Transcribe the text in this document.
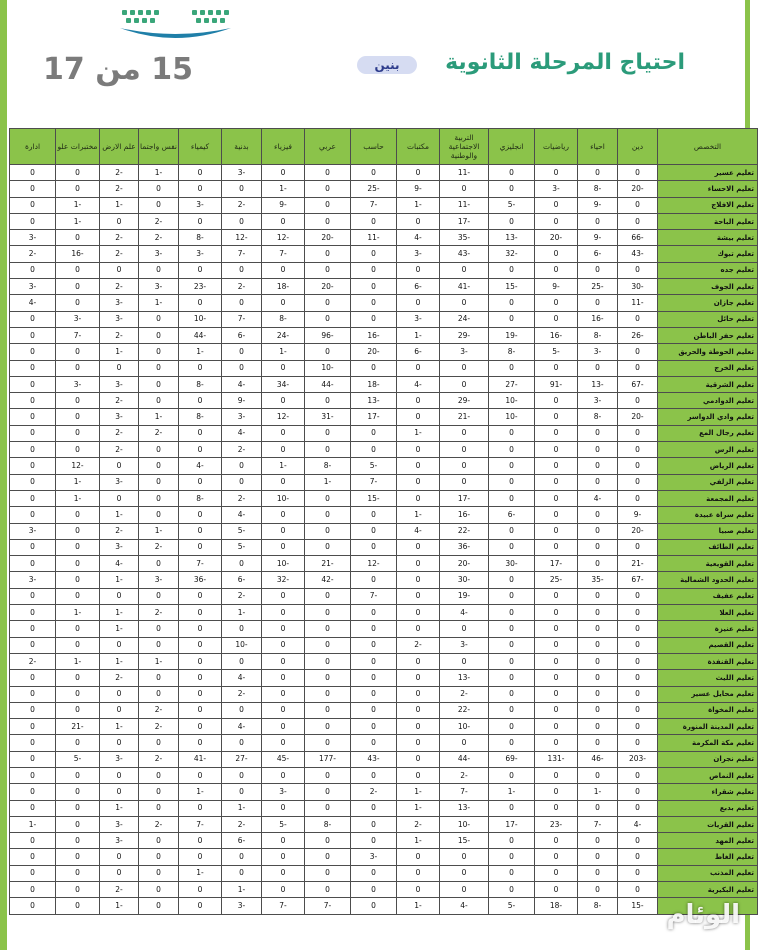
15 من 17	بنين	احتياج المرحلة الثانوية
التخصص	دين	احياء	رياضيات	انجليزي	التربية الاجتماعية والوطنية	مكتبات	حاسب	عربي	فيزياء	بدنية	كيمياء	نفس واجتما	علم الارض	مختبرات علو	ادارة
تعليم عسير	0	0	0	0	-11	0	0	0	0	-3	0	-1	-2	0	0
تعليم الاحساء	-20	-8	-3	0	0	-9	-25	0	-1	0	0	0	-2	0	0
تعليم الافلاج	0	-9	0	-5	-11	-1	-7	0	-9	-2	-3	0	-1	-1	0
تعليم الباحة	0	0	0	0	-17	0	0	0	0	0	0	-2	0	-1	0
تعليم بيشة	-66	-9	-20	-13	-35	-4	-11	-20	-12	-12	-8	-2	-2	0	-3
تعليم تبوك	-43	-6	0	-32	-43	-3	0	0	-7	-7	-3	-3	-2	-16	-2
تعليم جده	0	0	0	0	0	0	0	0	0	0	0	0	0	0	0
تعليم الجوف	-30	-25	-9	-15	-41	-6	0	-20	-18	-2	-23	-3	-2	0	-3
تعليم جازان	-11	0	0	0	0	0	0	0	0	0	0	-1	-3	0	-4
تعليم حائل	0	-16	0	0	-24	-3	0	0	-8	-7	-10	0	-3	-3	0
تعليم حفر الباطن	-26	-8	-16	-19	-29	-1	-16	-96	-24	-6	-44	0	-2	-7	0
تعليم الحوطة والحريق	0	-3	-5	-8	-3	-6	-20	0	-1	0	-1	0	-1	0	0
تعليم الخرج	0	0	0	0	0	0	0	-10	0	0	0	0	0	0	0
تعليم الشرقية	-67	-13	-91	-27	0	-4	-18	-44	-34	-4	-8	0	-3	-3	0
تعليم الدوادمي	0	-3	0	-10	-29	0	-13	0	0	-9	0	0	-2	0	0
تعليم وادي الدواسر	-20	-8	0	-10	-21	0	-17	-31	-12	-3	-8	-1	-3	0	0
تعليم رجال المع	0	0	0	0	0	-1	0	0	0	-4	0	-2	-2	0	0
تعليم الرس	0	0	0	0	0	0	0	0	0	-2	0	0	-2	0	0
تعليم الرياض	0	0	0	0	0	0	-5	-8	-1	0	-4	0	0	-12	0
تعليم الزلفي	0	0	0	0	0	0	-7	-1	0	0	0	0	-3	-1	0
تعليم المجمعة	0	-4	0	0	-17	0	-15	0	-10	-2	-8	0	0	-1	0
تعليم سراة عبيدة	-9	0	0	-6	-16	-1	0	0	0	-4	0	0	-1	0	0
تعليم صبيا	-20	0	0	0	-22	-4	0	0	0	-5	0	-1	-2	0	-3
تعليم الطائف	0	0	0	0	-36	0	0	0	0	-5	0	-2	-3	0	0
تعليم القويعية	-21	0	-17	-30	-20	0	-12	-21	-10	0	-7	0	-4	0	0
تعليم الحدود الشمالية	-67	-35	-25	0	-30	0	0	-42	-32	-6	-36	-3	-1	0	-3
تعليم عفيف	0	0	0	0	-19	0	-7	0	0	-2	0	0	0	0	0
تعليم العلا	0	0	0	0	-4	0	0	0	0	-1	0	-2	-1	-1	0
تعليم عنيزة	0	0	0	0	0	0	0	0	0	0	0	0	-1	0	0
تعليم القصيم	0	0	0	0	-3	-2	0	0	0	-10	0	0	0	0	0
تعليم القنفذة	0	0	0	0	0	0	0	0	0	0	0	-1	-1	-1	-2
تعليم الليث	0	0	0	0	-13	0	0	0	0	-4	0	0	-2	0	0
تعليم محايل عسير	0	0	0	0	-2	0	0	0	0	-2	0	0	0	0	0
تعليم المخواة	0	0	0	0	-22	0	0	0	0	0	0	-2	0	0	0
تعليم المدينة المنورة	0	0	0	0	-10	0	0	0	0	-4	0	-2	-1	-21	0
تعليم مكة المكرمة	0	0	0	0	0	0	0	0	0	0	0	0	0	0	0
تعليم نجران	-203	-46	-131	-69	-44	0	-43	-177	-45	-27	-41	-2	-3	-5	0
تعليم النماص	0	0	0	0	-2	0	0	0	0	0	0	0	0	0	0
تعليم شقراء	0	-1	0	-1	-7	-1	-2	0	-3	0	-1	0	0	0	0
تعليم بدبع	0	0	0	0	-13	-1	0	0	0	-1	0	0	-1	0	0
تعليم القريات	-4	-7	-23	-17	-10	-2	0	-8	-5	-2	-7	-2	-3	0	-1
تعليم المهد	0	0	0	0	-15	-1	0	0	0	-6	0	0	-3	0	0
تعليم الغاط	0	0	0	0	0	0	-3	0	0	0	0	0	0	0	0
تعليم المذنب	0	0	0	0	0	0	0	0	0	0	-1	0	0	0	0
تعليم البكيرية	0	0	0	0	0	0	0	0	0	-1	0	0	-2	0	0
	-15	-8	-18	-5	-4	-1	0	-7	-7	-3	0	0	-1	0	0	الوئام
